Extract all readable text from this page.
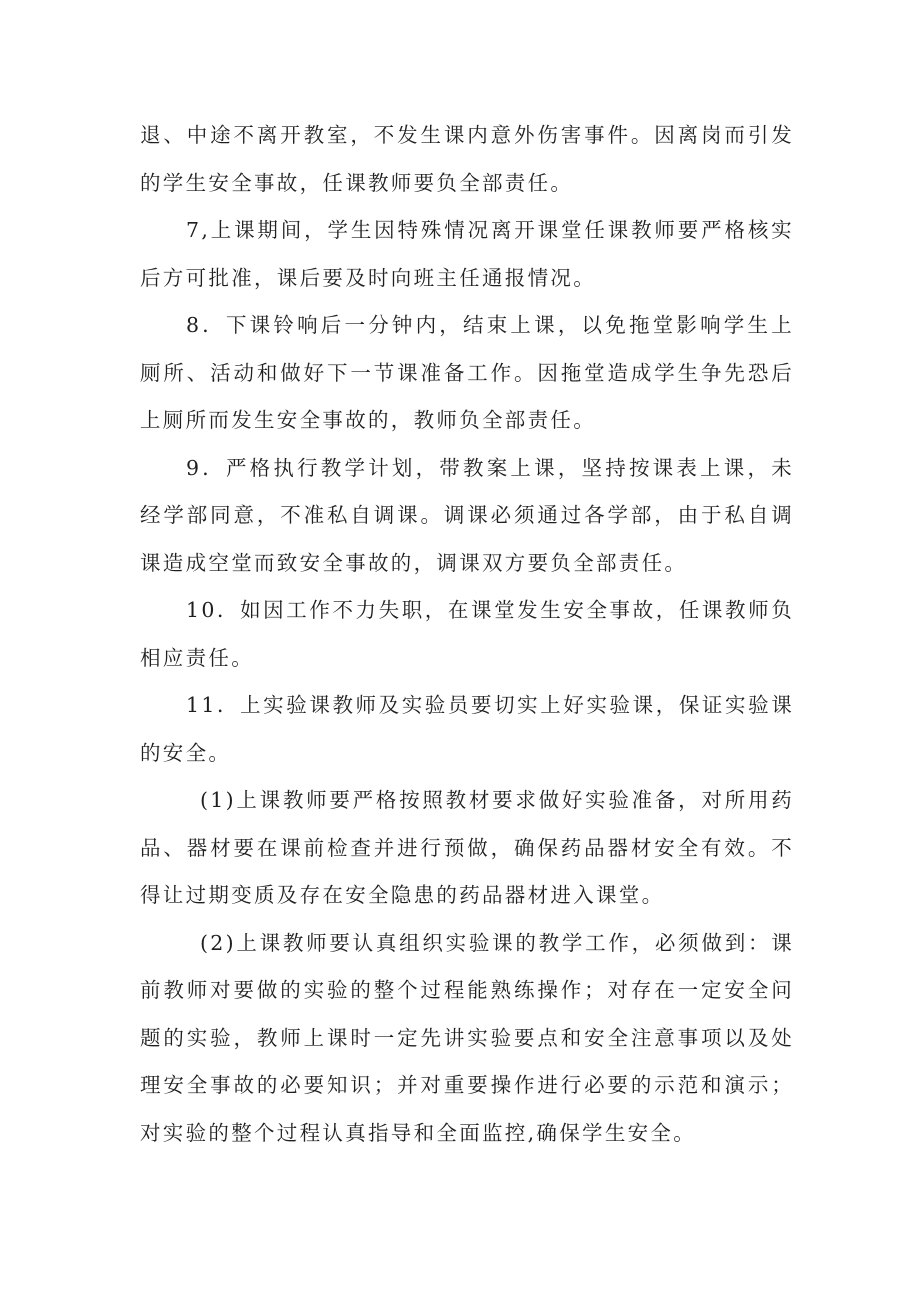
退、中途不离开教室，不发生课内意外伤害事件。因离岗而引发的学生安全事故，任课教师要负全部责任。

7,上课期间，学生因特殊情况离开课堂任课教师要严格核实后方可批准，课后要及时向班主任通报情况。

8．下课铃响后一分钟内，结束上课，以免拖堂影响学生上厕所、活动和做好下一节课准备工作。因拖堂造成学生争先恐后上厕所而发生安全事故的，教师负全部责任。

9．严格执行教学计划，带教案上课，坚持按课表上课，未经学部同意，不准私自调课。调课必须通过各学部，由于私自调课造成空堂而致安全事故的，调课双方要负全部责任。

10．如因工作不力失职，在课堂发生安全事故，任课教师负相应责任。

11．上实验课教师及实验员要切实上好实验课，保证实验课的安全。

(1)上课教师要严格按照教材要求做好实验准备，对所用药品、器材要在课前检查并进行预做，确保药品器材安全有效。不得让过期变质及存在安全隐患的药品器材进入课堂。

(2)上课教师要认真组织实验课的教学工作，必须做到：课前教师对要做的实验的整个过程能熟练操作；对存在一定安全问题的实验，教师上课时一定先讲实验要点和安全注意事项以及处理安全事故的必要知识；并对重要操作进行必要的示范和演示；对实验的整个过程认真指导和全面监控,确保学生安全。
